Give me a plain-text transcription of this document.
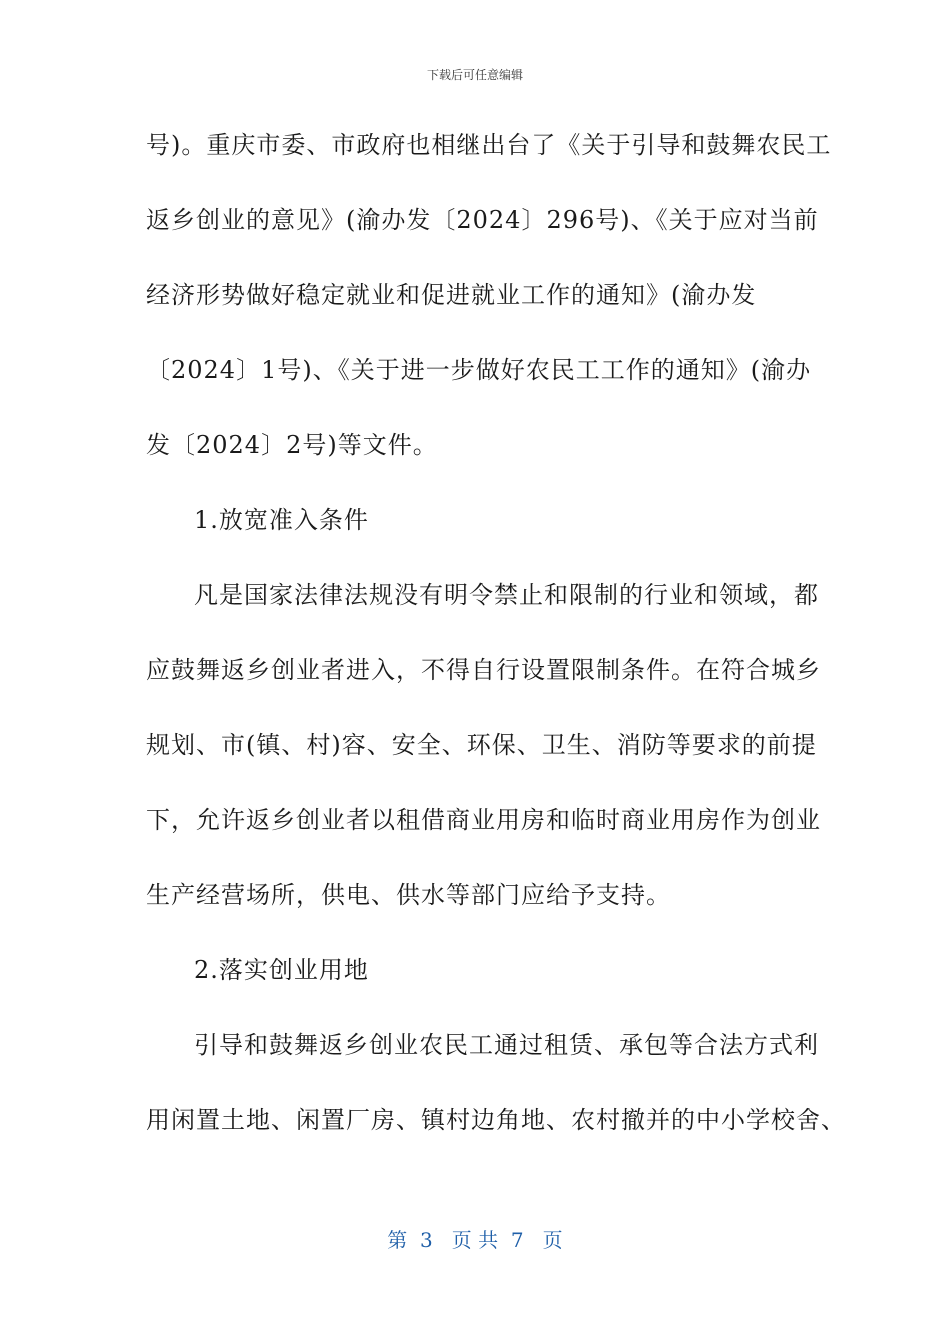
下载后可任意编辑
号)。重庆市委、市政府也相继出台了《关于引导和鼓舞农民工
返乡创业的意见》(渝办发〔2024〕296号)、《关于应对当前
经济形势做好稳定就业和促进就业工作的通知》(渝办发
〔2024〕1号)、《关于进一步做好农民工工作的通知》(渝办
发〔2024〕2号)等文件。
1.放宽准入条件
凡是国家法律法规没有明令禁止和限制的行业和领域，都
应鼓舞返乡创业者进入，不得自行设置限制条件。在符合城乡
规划、市(镇、村)容、安全、环保、卫生、消防等要求的前提
下，允许返乡创业者以租借商业用房和临时商业用房作为创业
生产经营场所，供电、供水等部门应给予支持。
2.落实创业用地
引导和鼓舞返乡创业农民工通过租赁、承包等合法方式利
用闲置土地、闲置厂房、镇村边角地、农村撤并的中小学校舍、
第  3   页 共  7   页
